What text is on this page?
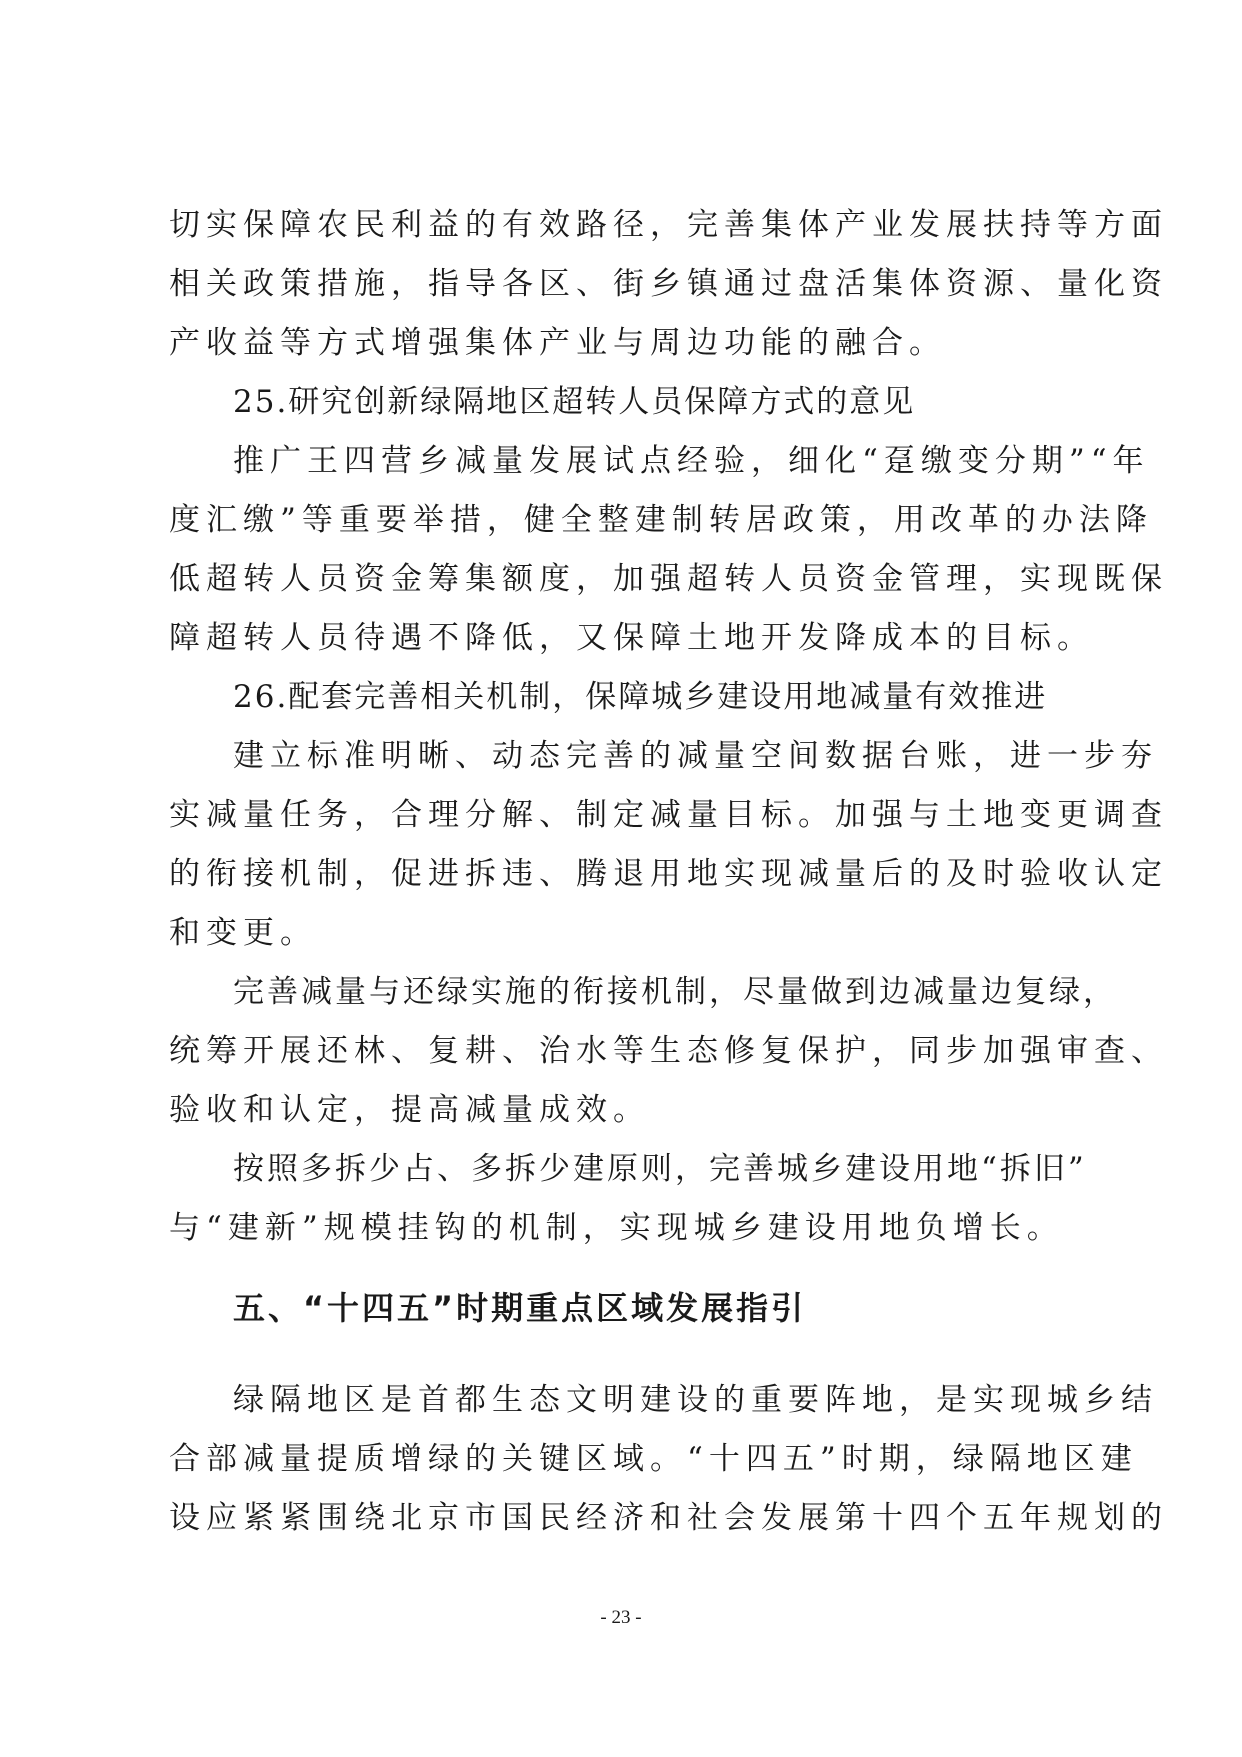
切实保障农民利益的有效路径，完善集体产业发展扶持等方面
相关政策措施，指导各区、街乡镇通过盘活集体资源、量化资
产收益等方式增强集体产业与周边功能的融合。
25.研究创新绿隔地区超转人员保障方式的意见
推广王四营乡减量发展试点经验，细化“趸缴变分期”“年
度汇缴”等重要举措，健全整建制转居政策，用改革的办法降
低超转人员资金筹集额度，加强超转人员资金管理，实现既保
障超转人员待遇不降低，又保障土地开发降成本的目标。
26.配套完善相关机制，保障城乡建设用地减量有效推进
建立标准明晰、动态完善的减量空间数据台账，进一步夯
实减量任务，合理分解、制定减量目标。加强与土地变更调查
的衔接机制，促进拆违、腾退用地实现减量后的及时验收认定
和变更。
完善减量与还绿实施的衔接机制，尽量做到边减量边复绿，
统筹开展还林、复耕、治水等生态修复保护，同步加强审查、
验收和认定，提高减量成效。
按照多拆少占、多拆少建原则，完善城乡建设用地“拆旧”
与“建新”规模挂钩的机制，实现城乡建设用地负增长。
五、“十四五”时期重点区域发展指引
绿隔地区是首都生态文明建设的重要阵地，是实现城乡结
合部减量提质增绿的关键区域。“十四五”时期，绿隔地区建
设应紧紧围绕北京市国民经济和社会发展第十四个五年规划的
- 23 -
